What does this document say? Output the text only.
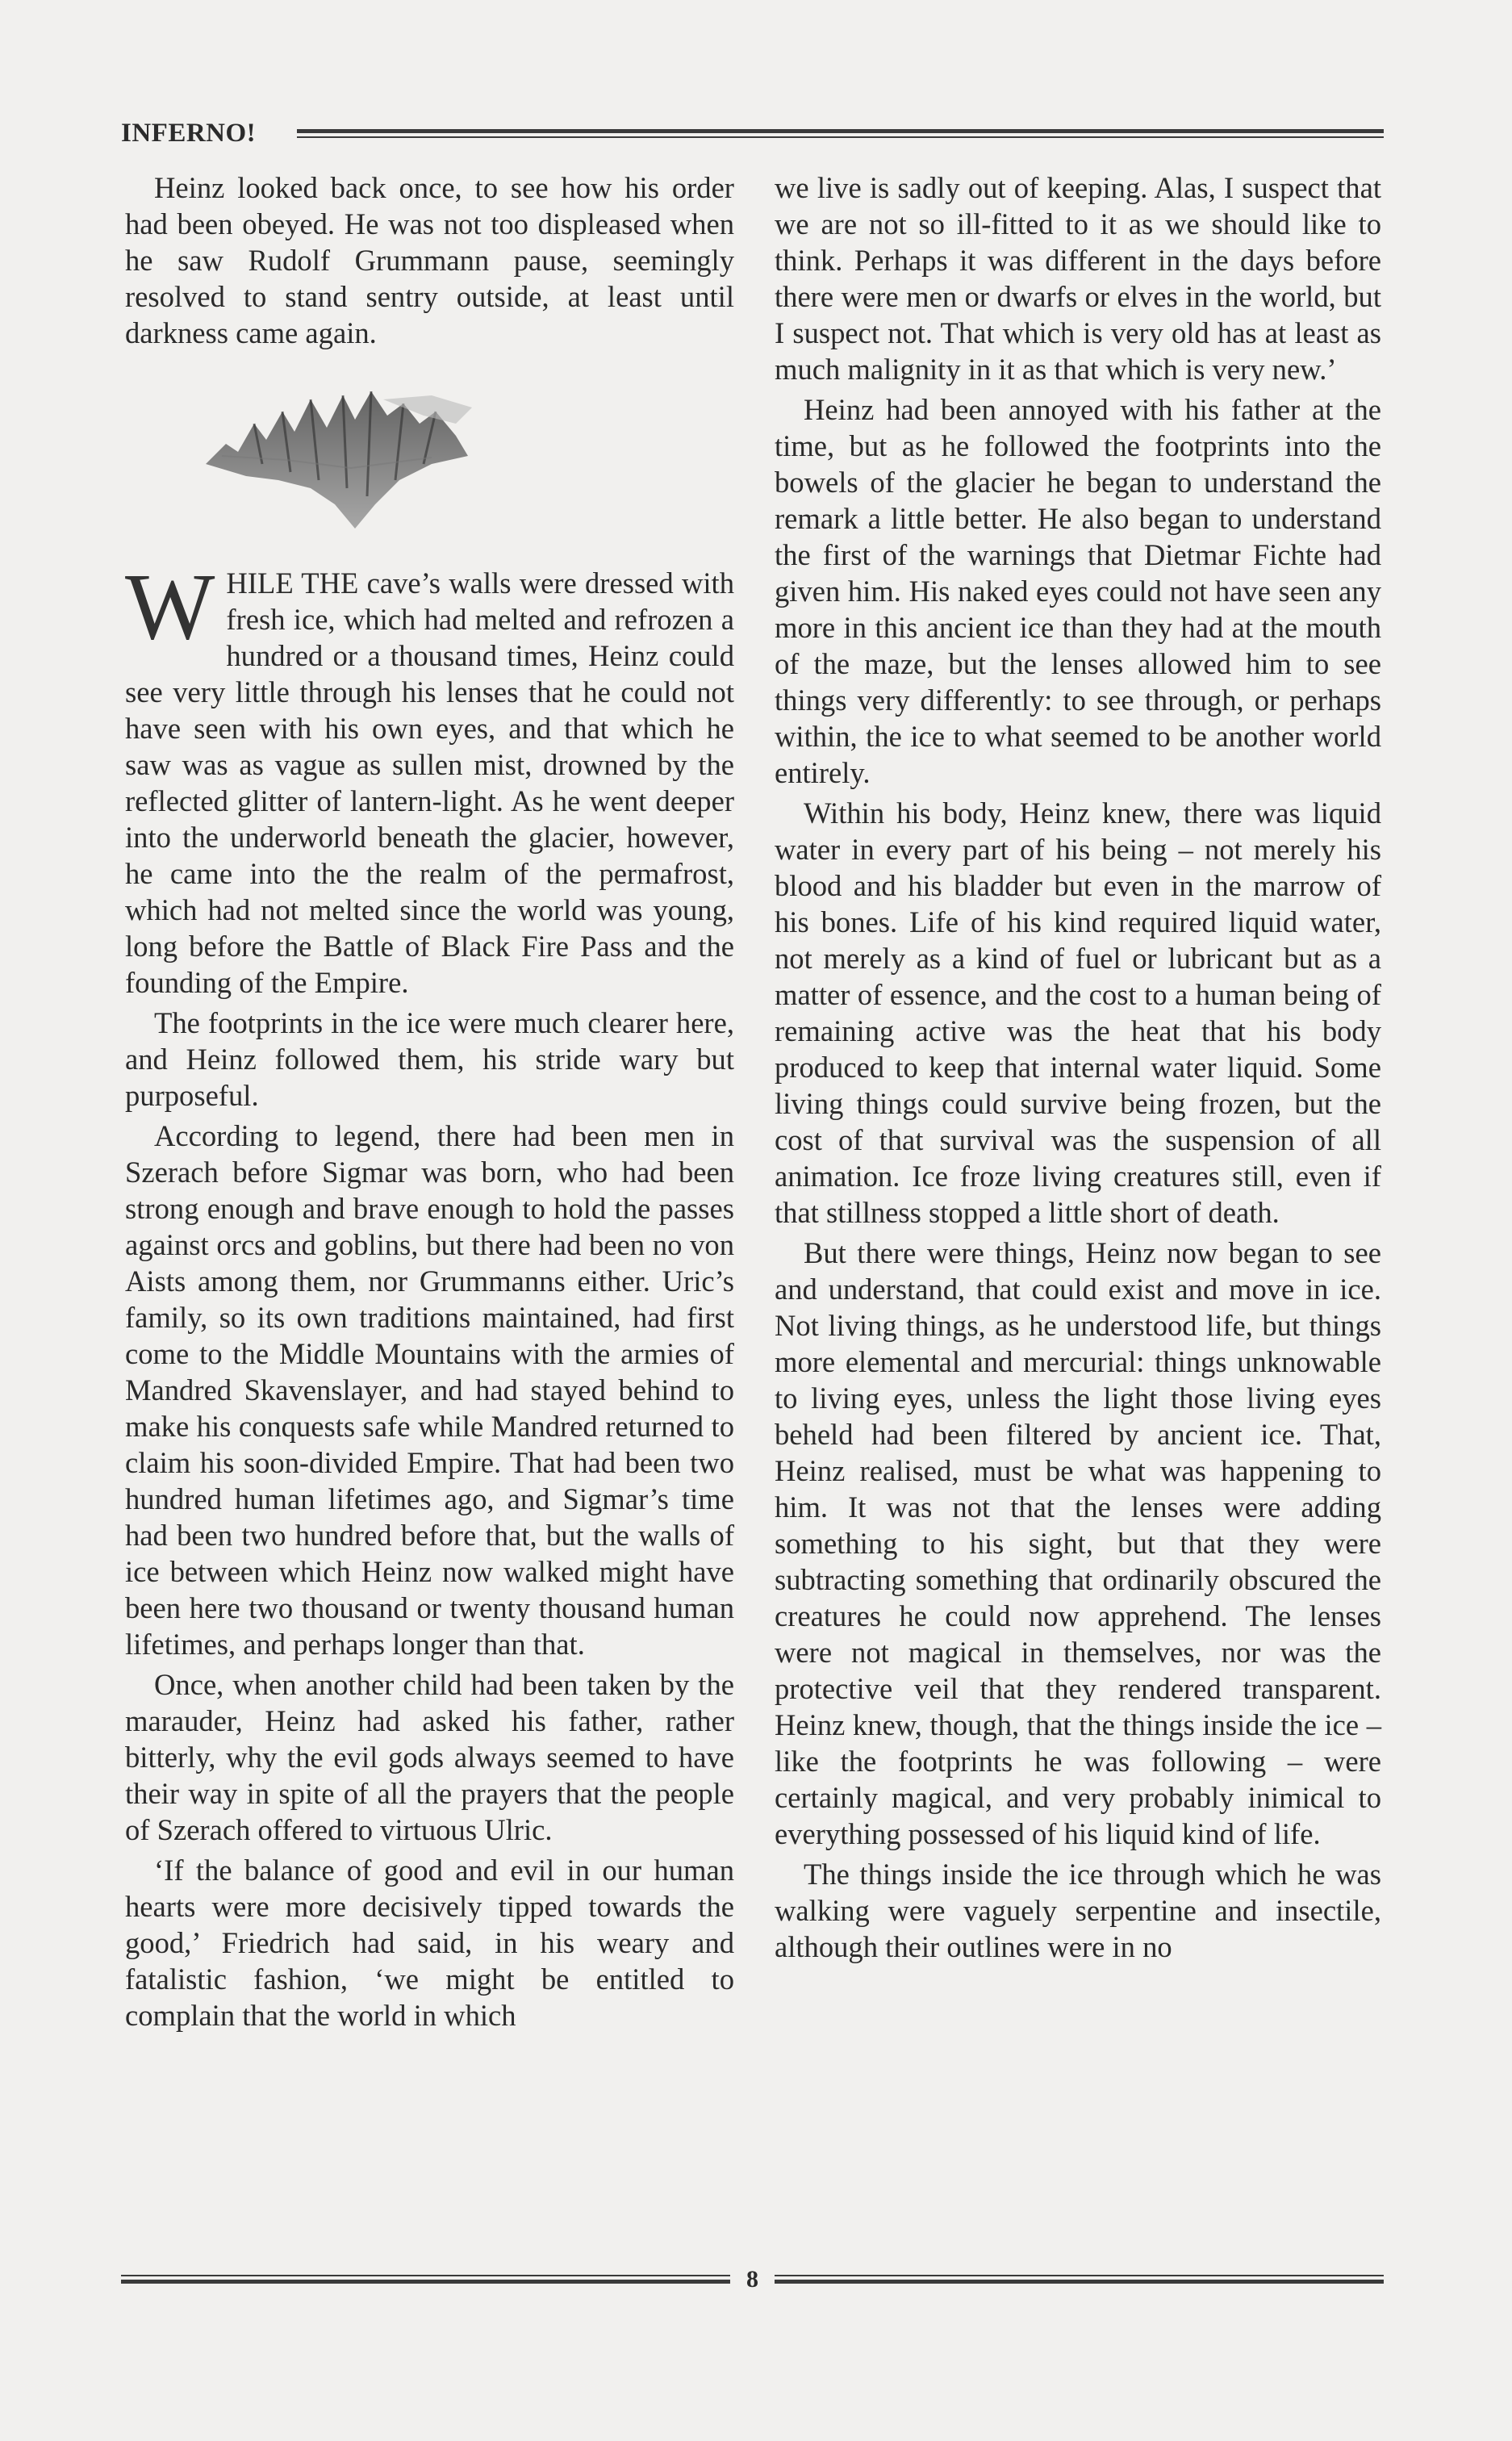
INFERNO!

Heinz looked back once, to see how his order had been obeyed. He was not too displeased when he saw Rudolf Grummann pause, seemingly resolved to stand sentry outside, at least until darkness came again.

WHILE THE cave’s walls were dressed with fresh ice, which had melted and refrozen a hundred or a thousand times, Heinz could see very little through his lenses that he could not have seen with his own eyes, and that which he saw was as vague as sullen mist, drowned by the reflected glitter of lantern-light. As he went deeper into the underworld beneath the glacier, however, he came into the the realm of the permafrost, which had not melted since the world was young, long before the Battle of Black Fire Pass and the founding of the Empire.

The footprints in the ice were much clearer here, and Heinz followed them, his stride wary but purposeful.

According to legend, there had been men in Szerach before Sigmar was born, who had been strong enough and brave enough to hold the passes against orcs and goblins, but there had been no von Aists among them, nor Grummanns either. Uric’s family, so its own traditions maintained, had first come to the Middle Mountains with the armies of Mandred Skavenslayer, and had stayed behind to make his conquests safe while Mandred returned to claim his soon-divided Empire. That had been two hundred human lifetimes ago, and Sigmar’s time had been two hundred before that, but the walls of ice between which Heinz now walked might have been here two thousand or twenty thousand human lifetimes, and perhaps longer than that.

Once, when another child had been taken by the marauder, Heinz had asked his father, rather bitterly, why the evil gods always seemed to have their way in spite of all the prayers that the people of Szerach offered to virtuous Ulric.

‘If the balance of good and evil in our human hearts were more decisively tipped towards the good,’ Friedrich had said, in his weary and fatalistic fashion, ‘we might be entitled to complain that the world in which

we live is sadly out of keeping. Alas, I suspect that we are not so ill-fitted to it as we should like to think. Perhaps it was different in the days before there were men or dwarfs or elves in the world, but I suspect not. That which is very old has at least as much malignity in it as that which is very new.’

Heinz had been annoyed with his father at the time, but as he followed the footprints into the bowels of the glacier he began to understand the remark a little better. He also began to understand the first of the warnings that Dietmar Fichte had given him. His naked eyes could not have seen any more in this ancient ice than they had at the mouth of the maze, but the lenses allowed him to see things very differently: to see through, or perhaps within, the ice to what seemed to be another world entirely.

Within his body, Heinz knew, there was liquid water in every part of his being – not merely his blood and his bladder but even in the marrow of his bones. Life of his kind required liquid water, not merely as a kind of fuel or lubricant but as a matter of essence, and the cost to a human being of remaining active was the heat that his body produced to keep that internal water liquid. Some living things could survive being frozen, but the cost of that survival was the suspension of all animation. Ice froze living creatures still, even if that stillness stopped a little short of death.

But there were things, Heinz now began to see and understand, that could exist and move in ice. Not living things, as he understood life, but things more elemental and mercurial: things unknowable to living eyes, unless the light those living eyes beheld had been filtered by ancient ice. That, Heinz realised, must be what was happening to him. It was not that the lenses were adding something to his sight, but that they were subtracting something that ordinarily obscured the creatures he could now apprehend. The lenses were not magical in themselves, nor was the protective veil that they rendered transparent. Heinz knew, though, that the things inside the ice – like the footprints he was following – were certainly magical, and very probably inimical to everything possessed of his liquid kind of life.

The things inside the ice through which he was walking were vaguely serpentine and insectile, although their outlines were in no

8
